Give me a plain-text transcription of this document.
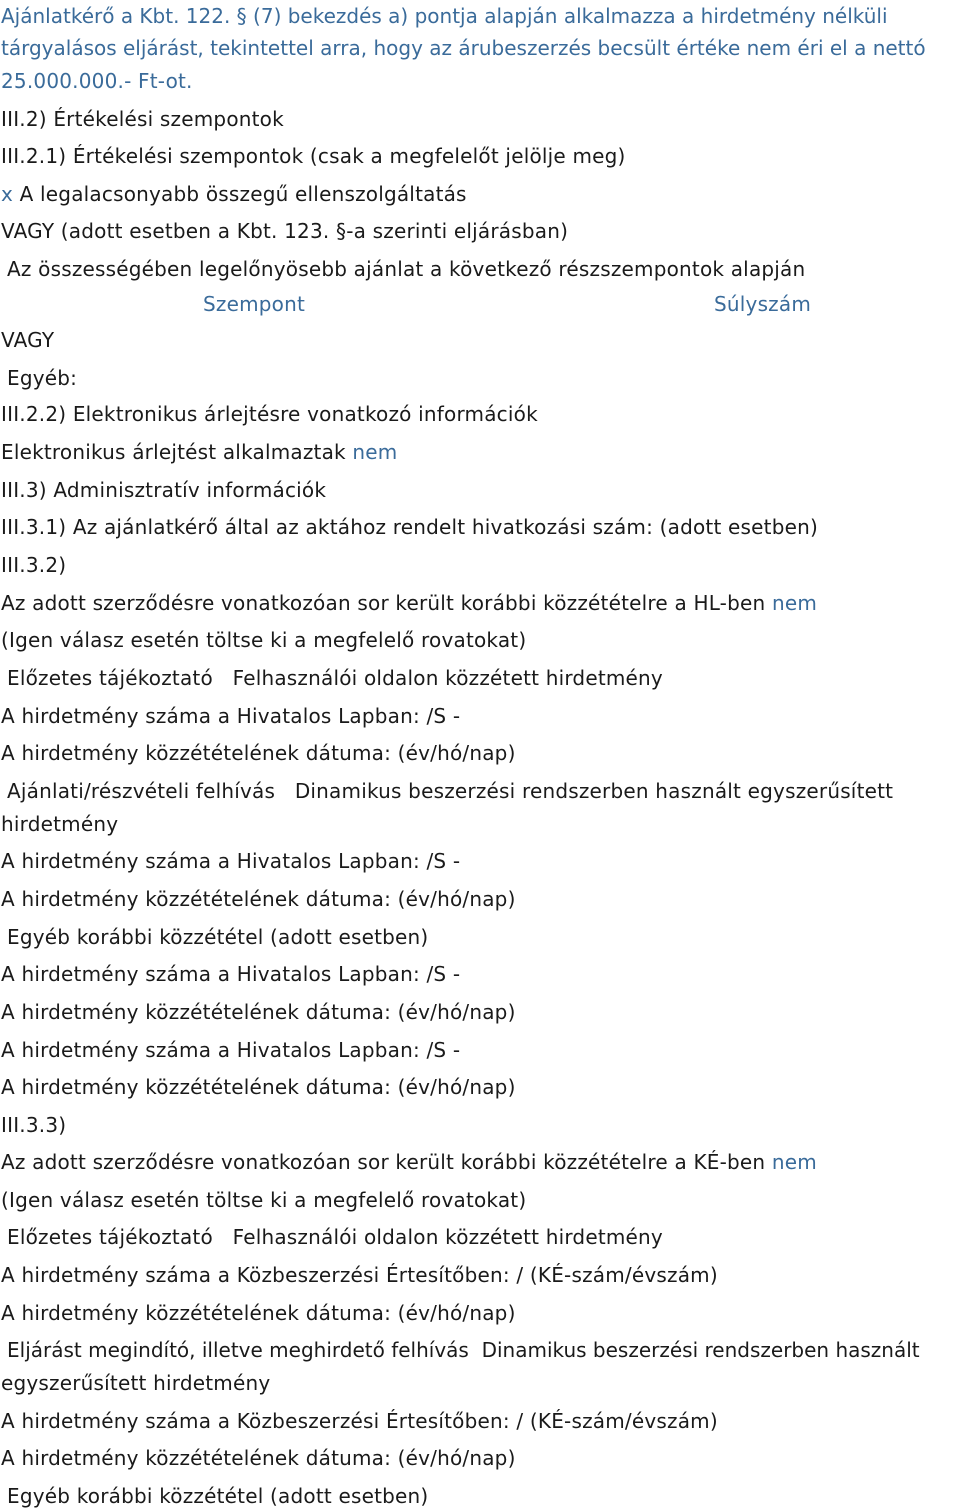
Ajánlatkérő a Kbt. 122. § (7) bekezdés a) pontja alapján alkalmazza a hirdetmény nélküli
tárgyalásos eljárást, tekintettel arra, hogy az árubeszerzés becsült értéke nem éri el a nettó
25.000.000.- Ft-ot.
III.2) Értékelési szempontok
III.2.1) Értékelési szempontok (csak a megfelelőt jelölje meg)
x A legalacsonyabb összegű ellenszolgáltatás
VAGY (adott esetben a Kbt. 123. §-a szerinti eljárásban)
Az összességében legelőnyösebb ajánlat a következő részszempontok alapján
Szempont	Súlyszám
VAGY
Egyéb:
III.2.2) Elektronikus árlejtésre vonatkozó információk
Elektronikus árlejtést alkalmaztak nem
III.3) Adminisztratív információk
III.3.1) Az ajánlatkérő által az aktához rendelt hivatkozási szám: (adott esetben)
III.3.2)
Az adott szerződésre vonatkozóan sor került korábbi közzétételre a HL-ben nem
(Igen válasz esetén töltse ki a megfelelő rovatokat)
Előzetes tájékoztató Felhasználói oldalon közzétett hirdetmény
A hirdetmény száma a Hivatalos Lapban: /S -
A hirdetmény közzétételének dátuma: (év/hó/nap)
Ajánlati/részvételi felhívás Dinamikus beszerzési rendszerben használt egyszerűsített
hirdetmény
A hirdetmény száma a Hivatalos Lapban: /S -
A hirdetmény közzétételének dátuma: (év/hó/nap)
Egyéb korábbi közzététel (adott esetben)
A hirdetmény száma a Hivatalos Lapban: /S -
A hirdetmény közzétételének dátuma: (év/hó/nap)
A hirdetmény száma a Hivatalos Lapban: /S -
A hirdetmény közzétételének dátuma: (év/hó/nap)
III.3.3)
Az adott szerződésre vonatkozóan sor került korábbi közzétételre a KÉ-ben nem
(Igen válasz esetén töltse ki a megfelelő rovatokat)
Előzetes tájékoztató Felhasználói oldalon közzétett hirdetmény
A hirdetmény száma a Közbeszerzési Értesítőben: / (KÉ-szám/évszám)
A hirdetmény közzétételének dátuma: (év/hó/nap)
Eljárást megindító, illetve meghirdető felhívás Dinamikus beszerzési rendszerben használt
egyszerűsített hirdetmény
A hirdetmény száma a Közbeszerzési Értesítőben: / (KÉ-szám/évszám)
A hirdetmény közzétételének dátuma: (év/hó/nap)
Egyéb korábbi közzététel (adott esetben)
